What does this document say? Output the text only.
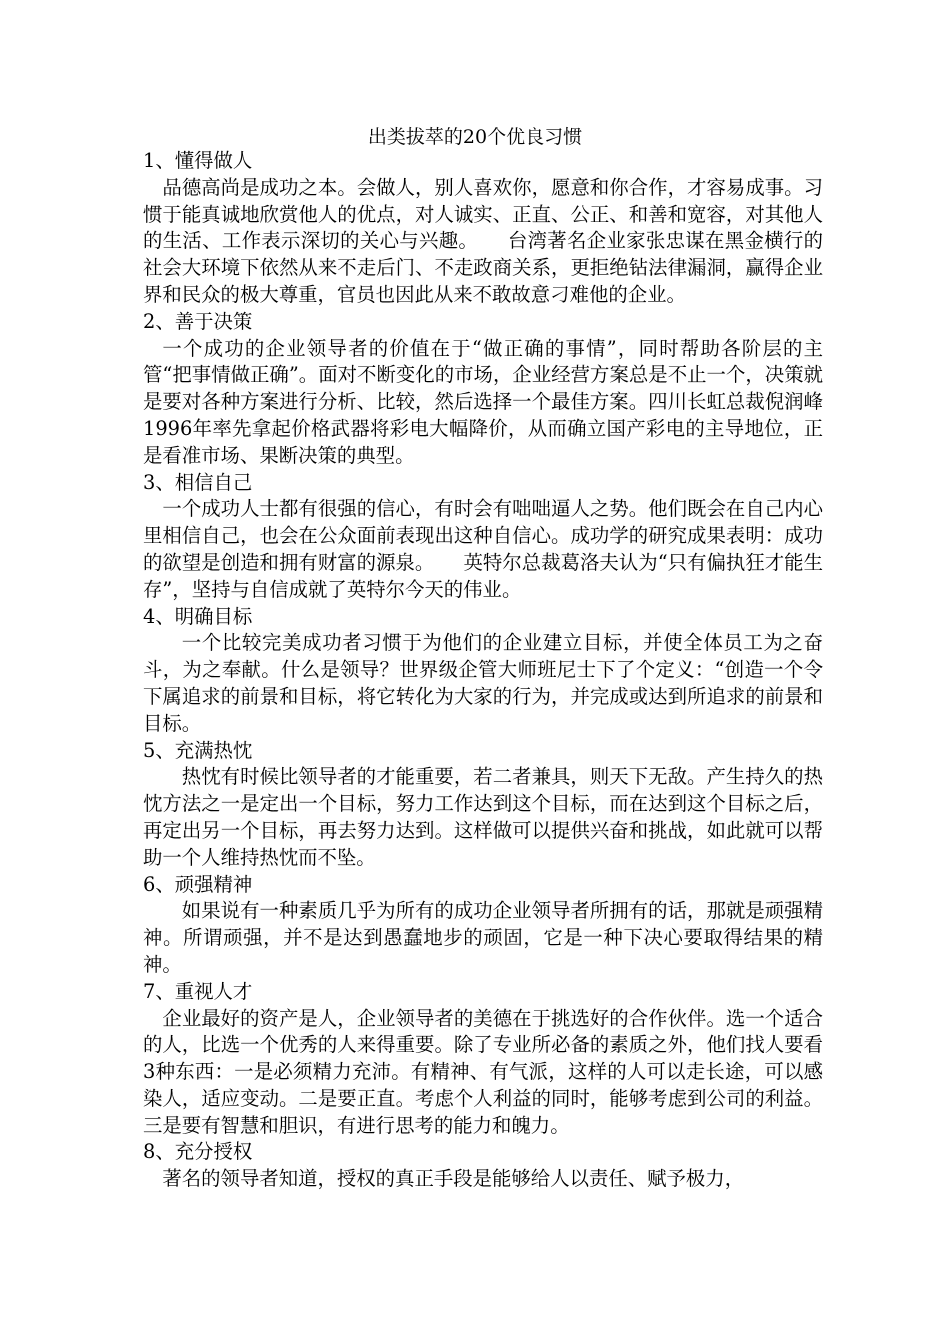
出类拔萃的20个优良习惯
1、懂得做人

品德高尚是成功之本。会做人，别人喜欢你，愿意和你合作，才容易成事。习惯于能真诚地欣赏他人的优点，对人诚实、正直、公正、和善和宽容，对其他人的生活、工作表示深切的关心与兴趣。　　台湾著名企业家张忠谋在黑金横行的社会大环境下依然从来不走后门、不走政商关系，更拒绝钻法律漏洞，赢得企业界和民众的极大尊重，官员也因此从来不敢故意刁难他的企业。

2、善于决策

一个成功的企业领导者的价值在于“做正确的事情”，同时帮助各阶层的主管“把事情做正确”。面对不断变化的市场，企业经营方案总是不止一个，决策就是要对各种方案进行分析、比较，然后选择一个最佳方案。四川长虹总裁倪润峰1996年率先拿起价格武器将彩电大幅降价，从而确立国产彩电的主导地位，正是看准市场、果断决策的典型。

3、相信自己

一个成功人士都有很强的信心，有时会有咄咄逼人之势。他们既会在自己内心里相信自己，也会在公众面前表现出这种自信心。成功学的研究成果表明：成功的欲望是创造和拥有财富的源泉。　　英特尔总裁葛洛夫认为“只有偏执狂才能生存”，坚持与自信成就了英特尔今天的伟业。

4、明确目标

一个比较完美成功者习惯于为他们的企业建立目标，并使全体员工为之奋斗，为之奉献。什么是领导？世界级企管大师班尼士下了个定义：“创造一个令下属追求的前景和目标，将它转化为大家的行为，并完成或达到所追求的前景和目标。

5、充满热忱

热忱有时候比领导者的才能重要，若二者兼具，则天下无敌。产生持久的热忱方法之一是定出一个目标，努力工作达到这个目标，而在达到这个目标之后，再定出另一个目标，再去努力达到。这样做可以提供兴奋和挑战，如此就可以帮助一个人维持热忱而不坠。

6、顽强精神

如果说有一种素质几乎为所有的成功企业领导者所拥有的话，那就是顽强精神。所谓顽强，并不是达到愚蠢地步的顽固，它是一种下决心要取得结果的精神。

7、重视人才

企业最好的资产是人，企业领导者的美德在于挑选好的合作伙伴。选一个适合的人，比选一个优秀的人来得重要。除了专业所必备的素质之外，他们找人要看3种东西：一是必须精力充沛。有精神、有气派，这样的人可以走长途，可以感染人，适应变动。二是要正直。考虑个人利益的同时，能够考虑到公司的利益。三是要有智慧和胆识，有进行思考的能力和魄力。

8、充分授权

著名的领导者知道，授权的真正手段是能够给人以责任、赋予极力，
